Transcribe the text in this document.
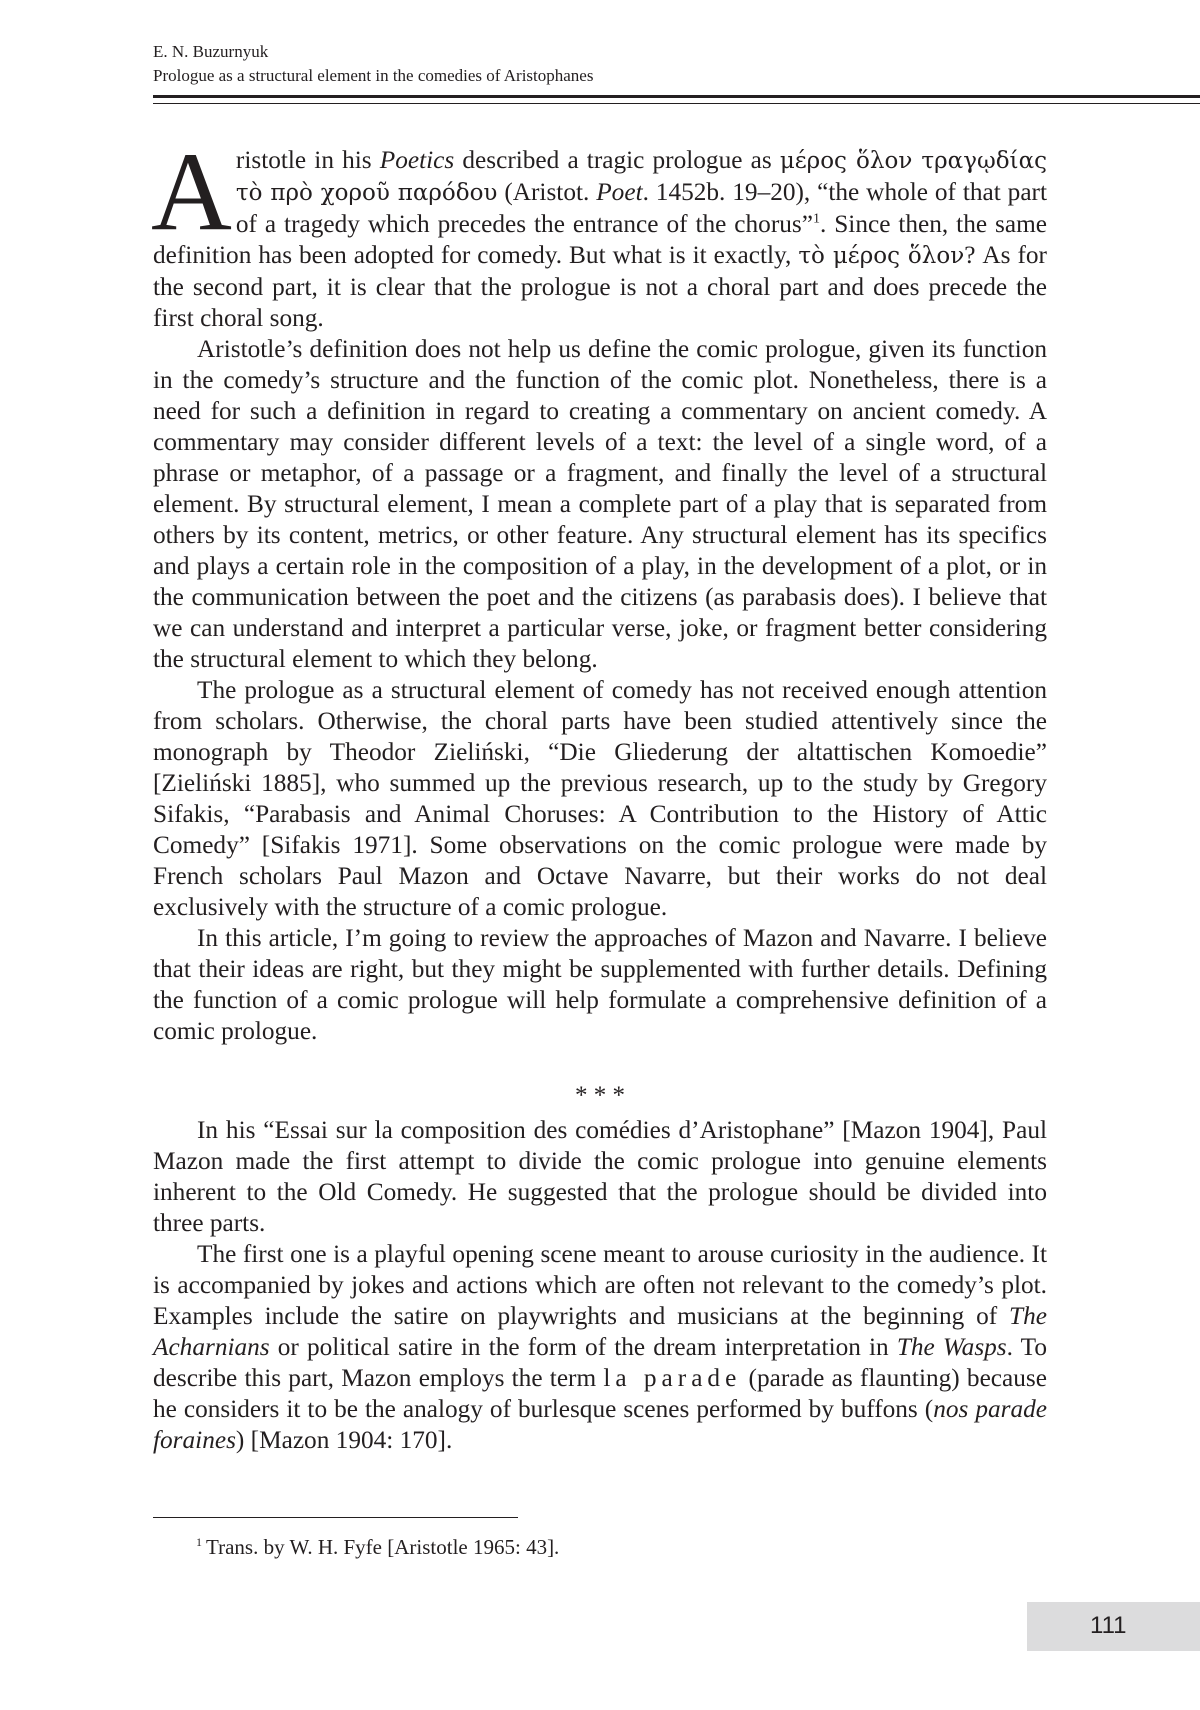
E. N. Buzurnyuk
Prologue as a structural element in the comedies of Aristophanes

Aristotle in his Poetics described a tragic prologue as μέρος ὅλον τραγῳδίας τὸ πρὸ χοροῦ παρόδου (Aristot. Poet. 1452b. 19–20), “the whole of that part of a tragedy which precedes the entrance of the chorus”$^1$. Since then, the same definition has been adopted for comedy. But what is it exactly, τὸ μέρος ὅλον? As for the second part, it is clear that the prologue is not a choral part and does precede the first choral song.

Aristotle’s definition does not help us define the comic prologue, given its function in the comedy’s structure and the function of the comic plot. Nonetheless, there is a need for such a definition in regard to creating a commentary on ancient comedy. A commentary may consider different levels of a text: the level of a single word, of a phrase or metaphor, of a passage or a fragment, and finally the level of a structural element. By structural element, I mean a complete part of a play that is separated from others by its content, metrics, or other feature. Any structural element has its specifics and plays a certain role in the composition of a play, in the development of a plot, or in the communication between the poet and the citizens (as parabasis does). I believe that we can understand and interpret a particular verse, joke, or fragment better considering the structural element to which they belong.

The prologue as a structural element of comedy has not received enough attention from scholars. Otherwise, the choral parts have been studied attentively since the monograph by Theodor Zieliński, “Die Gliederung der altattischen Komoedie” [Zieliński 1885], who summed up the previous research, up to the study by Gregory Sifakis, “Parabasis and Animal Choruses: A Contribution to the History of Attic Comedy” [Sifakis 1971]. Some observations on the comic prologue were made by French scholars Paul Mazon and Octave Navarre, but their works do not deal exclusively with the structure of a comic prologue.

In this article, I’m going to review the approaches of Mazon and Navarre. I believe that their ideas are right, but they might be supplemented with further details. Defining the function of a comic prologue will help formulate a comprehensive definition of a comic prologue.

* * *

In his “Essai sur la composition des comédies d’Aristophane” [Mazon 1904], Paul Mazon made the first attempt to divide the comic prologue into genuine elements inherent to the Old Comedy. He suggested that the prologue should be divided into three parts.

The first one is a playful opening scene meant to arouse curiosity in the audience. It is accompanied by jokes and actions which are often not relevant to the comedy’s plot. Examples include the satire on playwrights and musicians at the beginning of The Acharnians or political satire in the form of the dream interpretation in The Wasps. To describe this part, Mazon employs the term la parade (parade as flaunting) because he considers it to be the analogy of burlesque scenes performed by buffons (nos parade foraines) [Mazon 1904: 170].

$^1$ Trans. by W. H. Fyfe [Aristotle 1965: 43].
111
